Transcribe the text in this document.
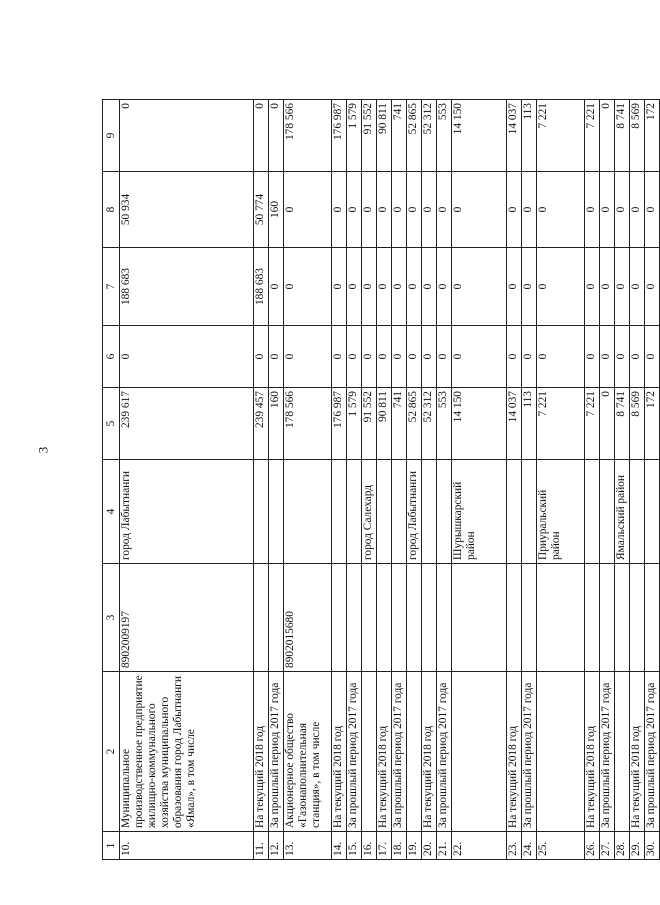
3
1	2	3	4	5	6	7	8	9
10.	Муниципальное производственное предприятие жилищно-коммунального хозяйства муниципального образования город Лабытнанги «Ямал», в том числе	8902009197	город Лабытнанги	239 617	0	188 683	50 934	0
11.	На текущий 2018 год			239 457	0	188 683	50 774	0
12.	За прошлый период 2017 года			160	0	0	160	0
13.	Акционерное общество «Газонаполнительная станция», в том числе	8902015680		178 566	0	0	0	178 566
14.	На текущий 2018 год			176 987	0	0	0	176 987
15.	За прошлый период 2017 года			1 579	0	0	0	1 579
16.			город Салехард	91 552	0	0	0	91 552
17.	На текущий 2018 год			90 811	0	0	0	90 811
18.	За прошлый период 2017 года			741	0	0	0	741
19.			город Лабытнанги	52 865	0	0	0	52 865
20.	На текущий 2018 год			52 312	0	0	0	52 312
21.	За прошлый период 2017 года			553	0	0	0	553
22.			Шурышкарский район	14 150	0	0	0	14 150
23.	На текущий 2018 год			14 037	0	0	0	14 037
24.	За прошлый период 2017 года			113	0	0	0	113
25.			Приуральский район	7 221	0	0	0	7 221
26.	На текущий 2018 год			7 221	0	0	0	7 221
27.	За прошлый период 2017 года			0	0	0	0	0
28.			Ямальский район	8 741	0	0	0	8 741
29.	На текущий 2018 год			8 569	0	0	0	8 569
30.	За прошлый период 2017 года			172	0	0	0	172
